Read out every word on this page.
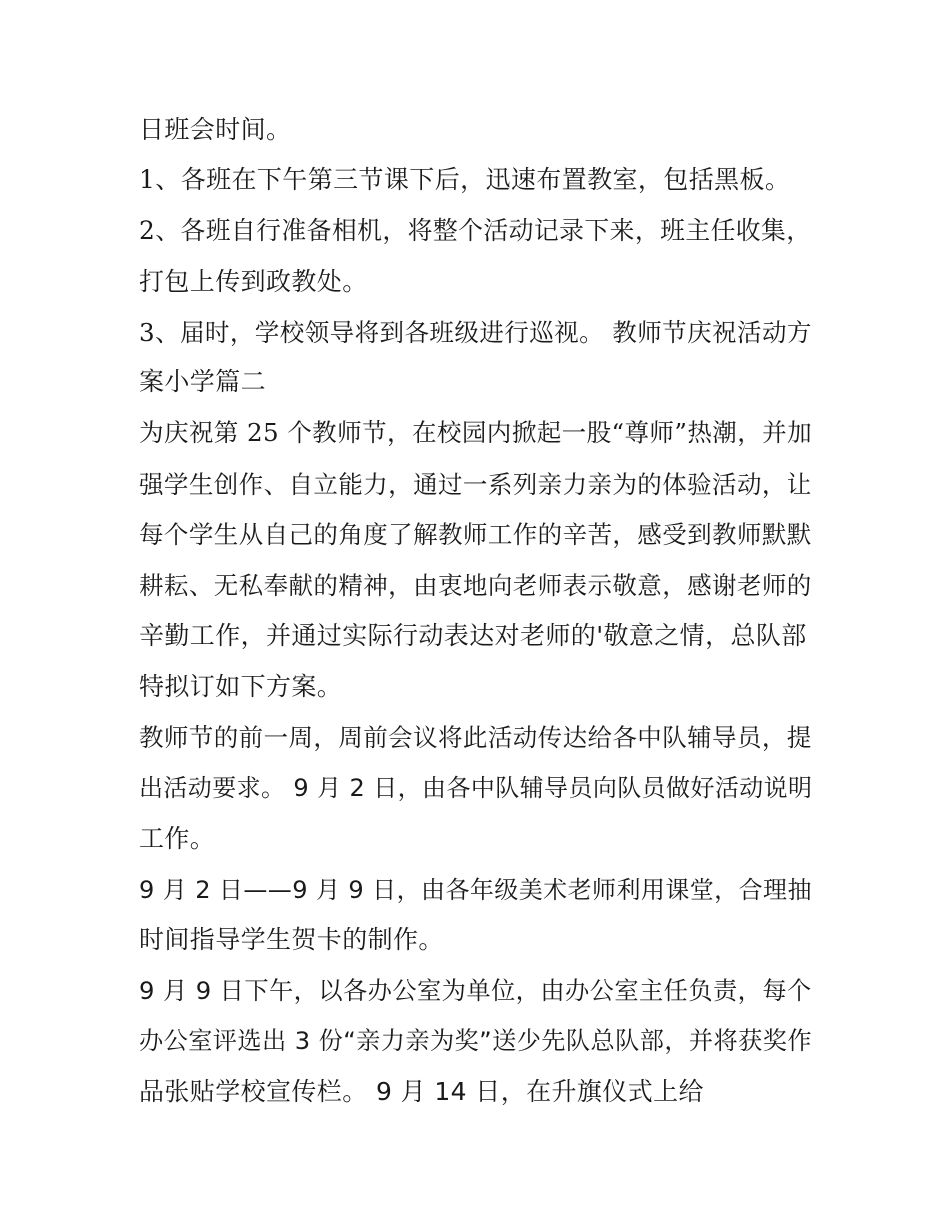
日班会时间。
1、各班在下午第三节课下后，迅速布置教室，包括黑板。
2、各班自行准备相机，将整个活动记录下来，班主任收集，
打包上传到政教处。
3、届时，学校领导将到各班级进行巡视。 教师节庆祝活动方
案小学篇二
为庆祝第 25 个教师节，在校园内掀起一股“尊师”热潮，并加
强学生创作、自立能力，通过一系列亲力亲为的体验活动，让
每个学生从自己的角度了解教师工作的辛苦，感受到教师默默
耕耘、无私奉献的精神，由衷地向老师表示敬意，感谢老师的
辛勤工作，并通过实际行动表达对老师的'敬意之情，总队部
特拟订如下方案。
教师节的前一周，周前会议将此活动传达给各中队辅导员，提
出活动要求。 9 月 2 日，由各中队辅导员向队员做好活动说明
工作。
9 月 2 日——9 月 9 日，由各年级美术老师利用课堂，合理抽
时间指导学生贺卡的制作。
9 月 9 日下午，以各办公室为单位，由办公室主任负责，每个
办公室评选出 3 份“亲力亲为奖”送少先队总队部，并将获奖作
品张贴学校宣传栏。 9 月 14 日，在升旗仪式上给
